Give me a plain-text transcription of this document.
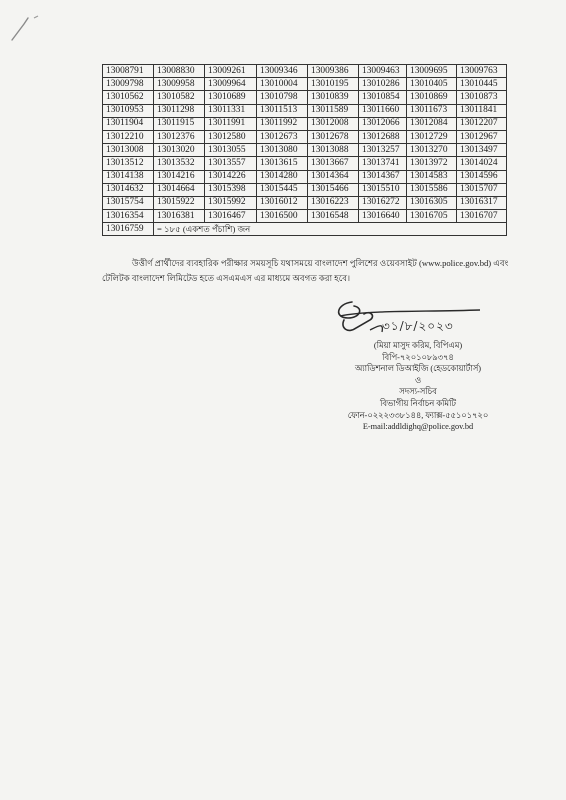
13008791	13008830	13009261	13009346	13009386	13009463	13009695	13009763
13009798	13009958	13009964	13010004	13010195	13010286	13010405	13010445
13010562	13010582	13010689	13010798	13010839	13010854	13010869	13010873
13010953	13011298	13011331	13011513	13011589	13011660	13011673	13011841
13011904	13011915	13011991	13011992	13012008	13012066	13012084	13012207
13012210	13012376	13012580	13012673	13012678	13012688	13012729	13012967
13013008	13013020	13013055	13013080	13013088	13013257	13013270	13013497
13013512	13013532	13013557	13013615	13013667	13013741	13013972	13014024
13014138	13014216	13014226	13014280	13014364	13014367	13014583	13014596
13014632	13014664	13015398	13015445	13015466	13015510	13015586	13015707
13015754	13015922	13015992	13016012	13016223	13016272	13016305	13016317
13016354	13016381	13016467	13016500	13016548	13016640	13016705	13016707
13016759	= ১৮৫ (একশত পঁচাশি) জন						
উত্তীর্ণ প্রার্থীদের ব্যবহারিক পরীক্ষার সময়সূচি যথাসময়ে বাংলাদেশ পুলিশের ওয়েবসাইট (www.police.gov.bd) এবং
টেলিটক বাংলাদেশ লিমিটেড হতে এসএমএস এর মাধ্যমে অবগত করা হবে।
৩১/৮/২০২৩
(মিয়া মাসুদ করিম, বিপিএম)
বিপি-৭২০১০৮৯৩৭৪
অ্যাডিশনাল ডিআইজি (হেডকোয়ার্টার্স)
ও
সদস্য-সচিব
বিভাগীয় নির্বাচন কমিটি
ফোন-০২২২৩৩৮১৪৪, ফ্যাক্স-৫৫১০১৭২০
E-mail:addldighq@police.gov.bd
